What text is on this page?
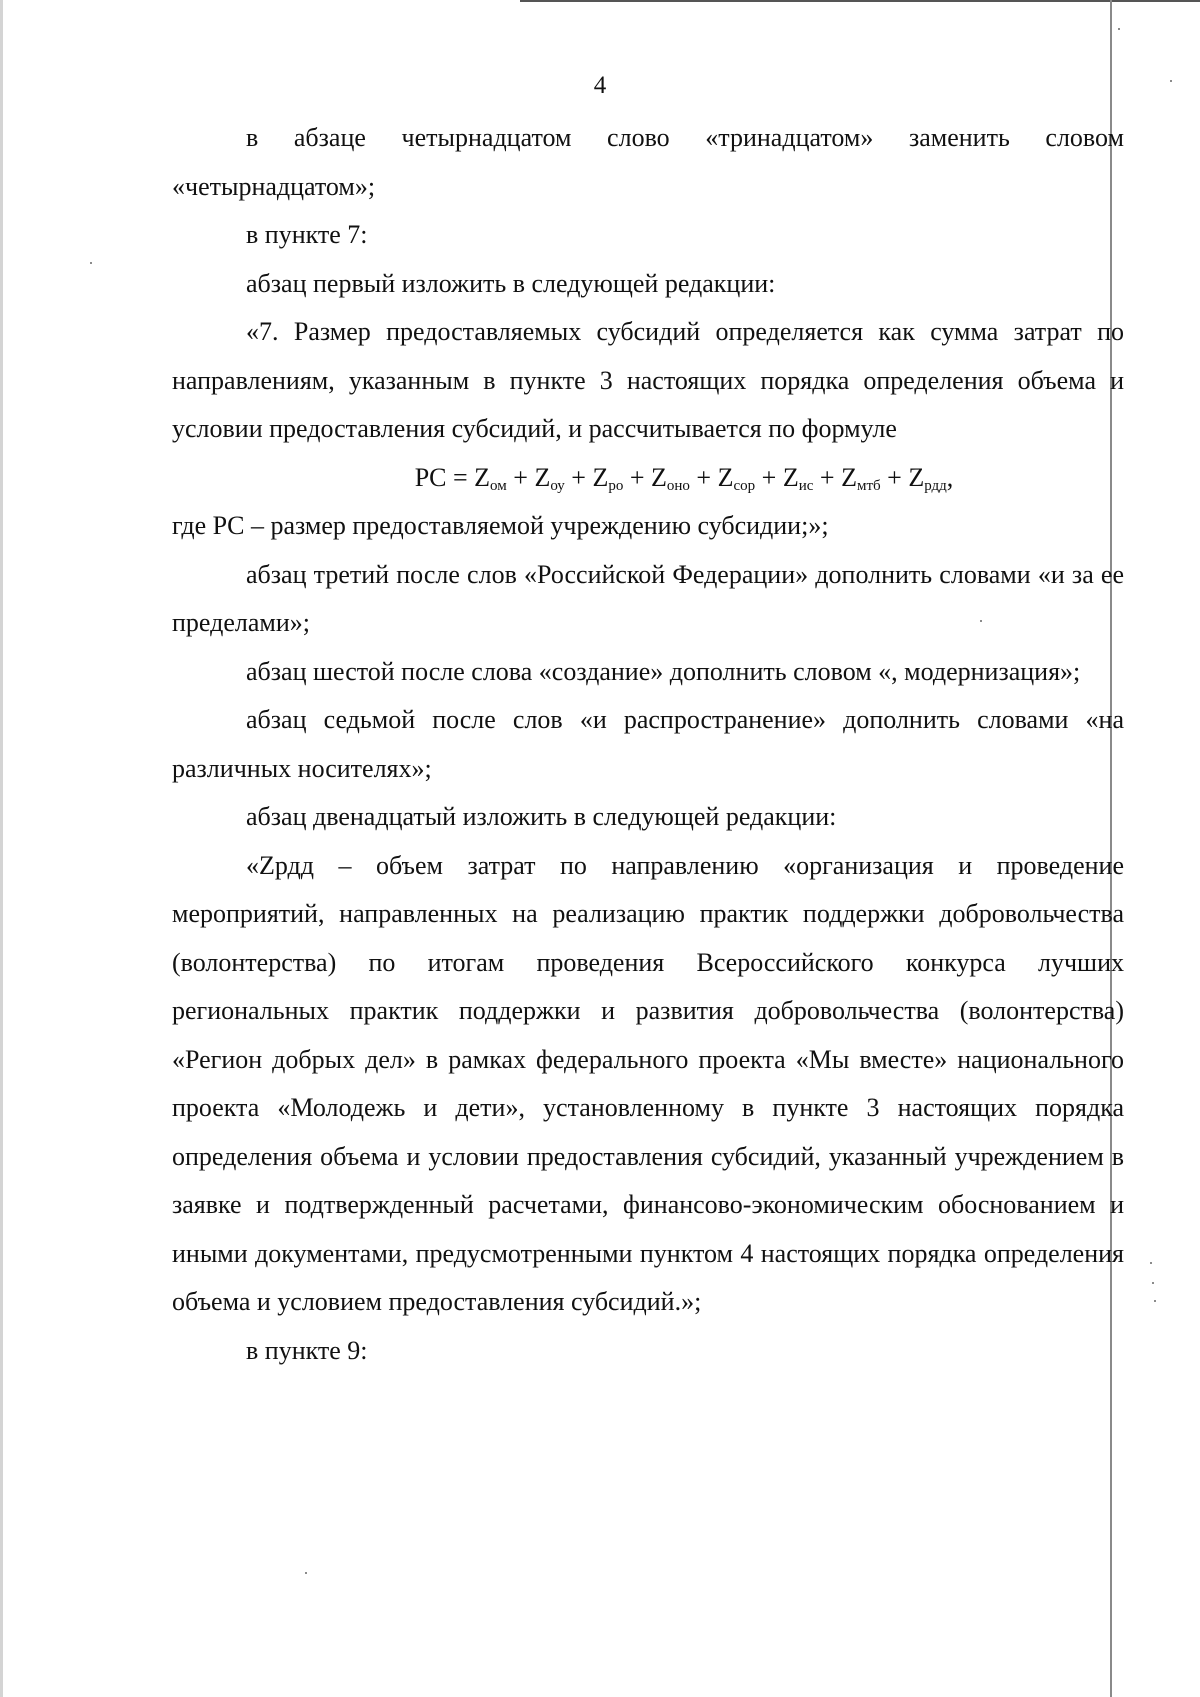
4

в абзаце четырнадцатом слово «тринадцатом» заменить словом «четырнадцатом»;

в пункте 7:

абзац первый изложить в следующей редакции:

«7. Размер предоставляемых субсидий определяется как сумма затрат по направлениям, указанным в пункте 3 настоящих порядка определения объема и условии предоставления субсидий, и рассчитывается по формуле

PC = $Z_{ом} + Z_{оу} + Z_{ро} + Z_{оно} + Z_{сор} + Z_{ис} + Z_{мтб} + Z_{рдд}$,

где PC – размер предоставляемой учреждению субсидии;»;

абзац третий после слов «Российской Федерации» дополнить словами «и за ее пределами»;

абзац шестой после слова «создание» дополнить словом «, модернизация»;

абзац седьмой после слов «и распространение» дополнить словами «на различных носителях»;

абзац двенадцатый изложить в следующей редакции:

«Zрдд – объем затрат по направлению «организация и проведение мероприятий, направленных на реализацию практик поддержки добровольчества (волонтерства) по итогам проведения Всероссийского конкурса лучших региональных практик поддержки и развития добровольчества (волонтерства) «Регион добрых дел» в рамках федерального проекта «Мы вместе» национального проекта «Молодежь и дети», установленному в пункте 3 настоящих порядка определения объема и условии предоставления субсидий, указанный учреждением в заявке и подтвержденный расчетами, финансово-экономическим обоснованием и иными документами, предусмотренными пунктом 4 настоящих порядка определения объема и условием предоставления субсидий.»;

в пункте 9:
